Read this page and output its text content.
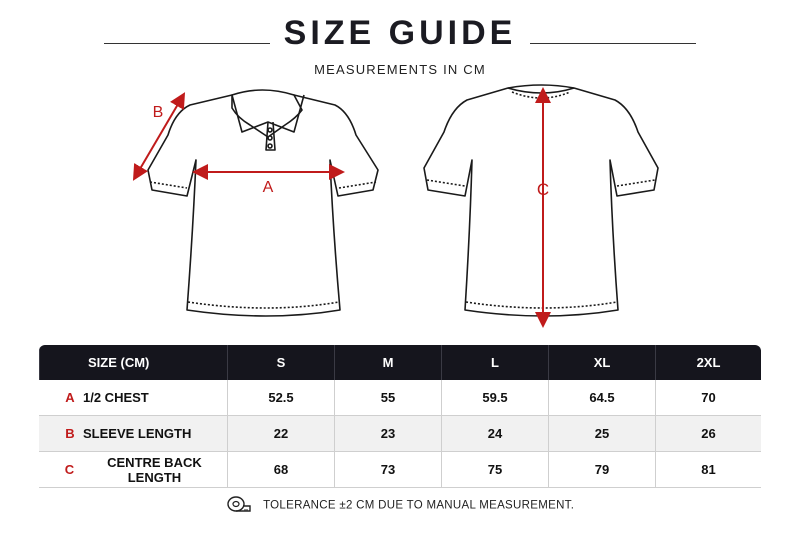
SIZE GUIDE
MEASUREMENTS IN CM
A
B
C
SIZE (CM)	S	M	L	XL	2XL
A 1/2 CHEST	52.5	55	59.5	64.5	70
B SLEEVE LENGTH	22	23	24	25	26
C	CENTRE BACK LENGTH	68	73	75	79	81
TOLERANCE ±2 CM DUE TO MANUAL MEASUREMENT.
